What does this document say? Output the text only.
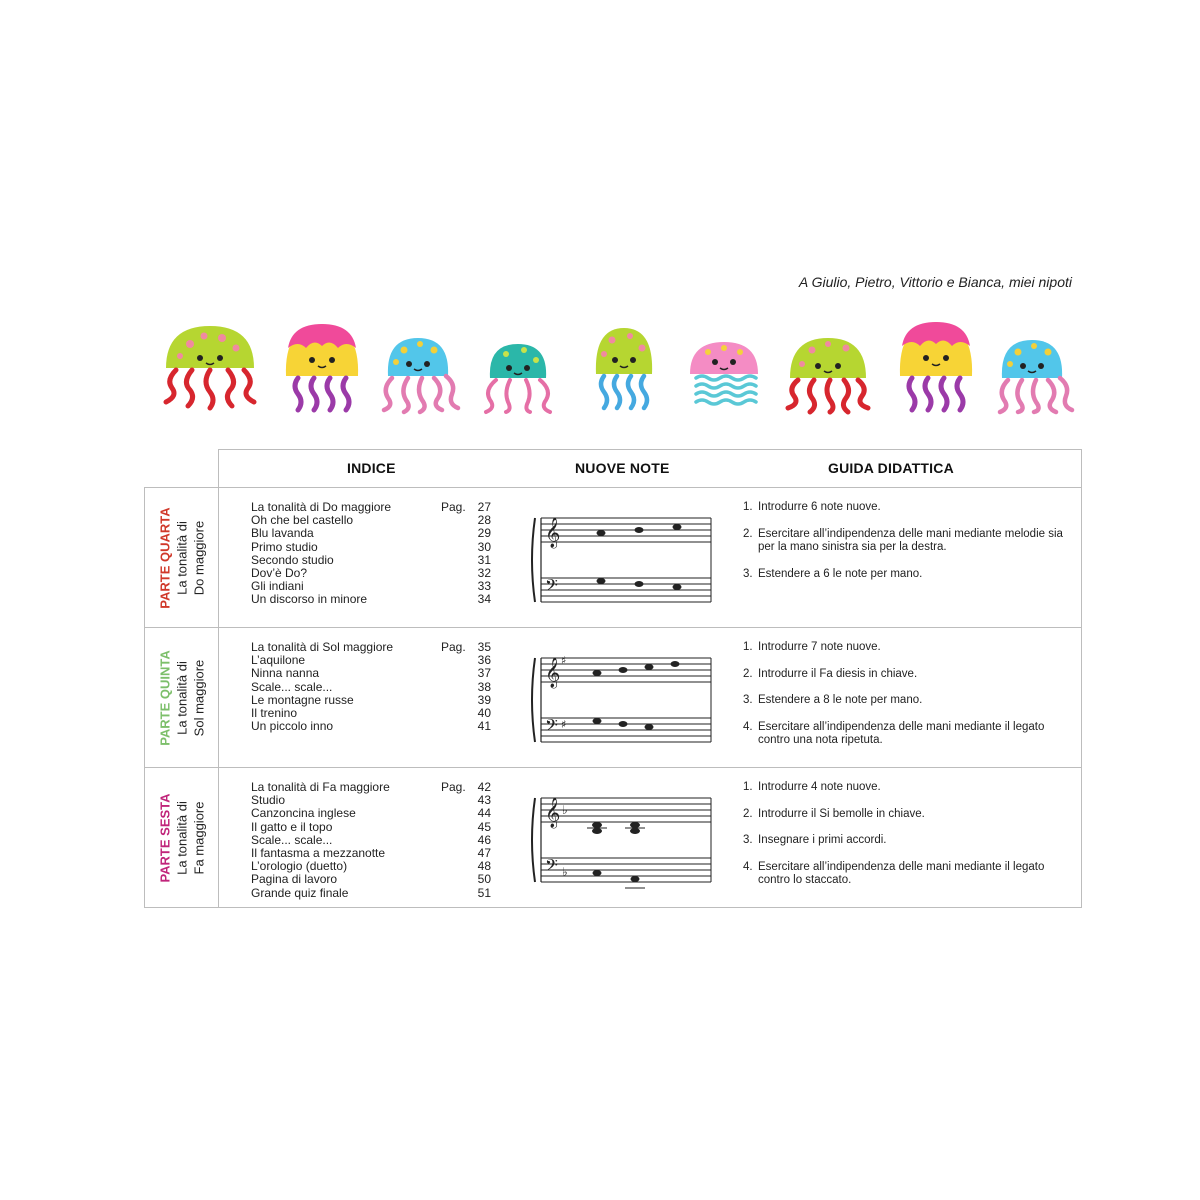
A Giulio, Pietro, Vittorio e Bianca, miei nipoti
INDICE	NUOVE NOTE	GUIDA DIDATTICA
PARTE QUARTA La tonalità di Do maggiore
La tonalità di Do maggiore	Pag. 27
Oh che bel castello	28
Blu lavanda	29
Primo studio	30
Secondo studio	31
Dov’è Do?	32
Gli indiani	33
Un discorso in minore	34
𝄞
𝄢
1. Introdurre 6 note nuove.
2. Esercitare all’indipendenza delle mani mediante melodie sia per la mano sinistra sia per la destra.
3. Estendere a 6 le note per mano.
PARTE QUINTA La tonalità di Sol maggiore
La tonalità di Sol maggiore	Pag. 35
L’aquilone	36
Ninna nanna	37
Scale... scale...	38
Le montagne russe	39
Il trenino	40
Un piccolo inno	41
𝄞 ♯
𝄢 ♯
1. Introdurre 7 note nuove.
2. Introdurre il Fa diesis in chiave.
3. Estendere a 8 le note per mano.
4. Esercitare all’indipendenza delle mani mediante il legato contro una nota ripetuta.
PARTE SESTA La tonalità di Fa maggiore
La tonalità di Fa maggiore	Pag. 42
Studio	43
Canzoncina inglese	44
Il gatto e il topo	45
Scale... scale...	46
Il fantasma a mezzanotte	47
L’orologio (duetto)	48
Pagina di lavoro	50
Grande quiz finale	51
𝄞 ♭
𝄢 ♭
1. Introdurre 4 note nuove.
2. Introdurre il Si bemolle in chiave.
3. Insegnare i primi accordi.
4. Esercitare all’indipendenza delle mani mediante il legato contro lo staccato.
